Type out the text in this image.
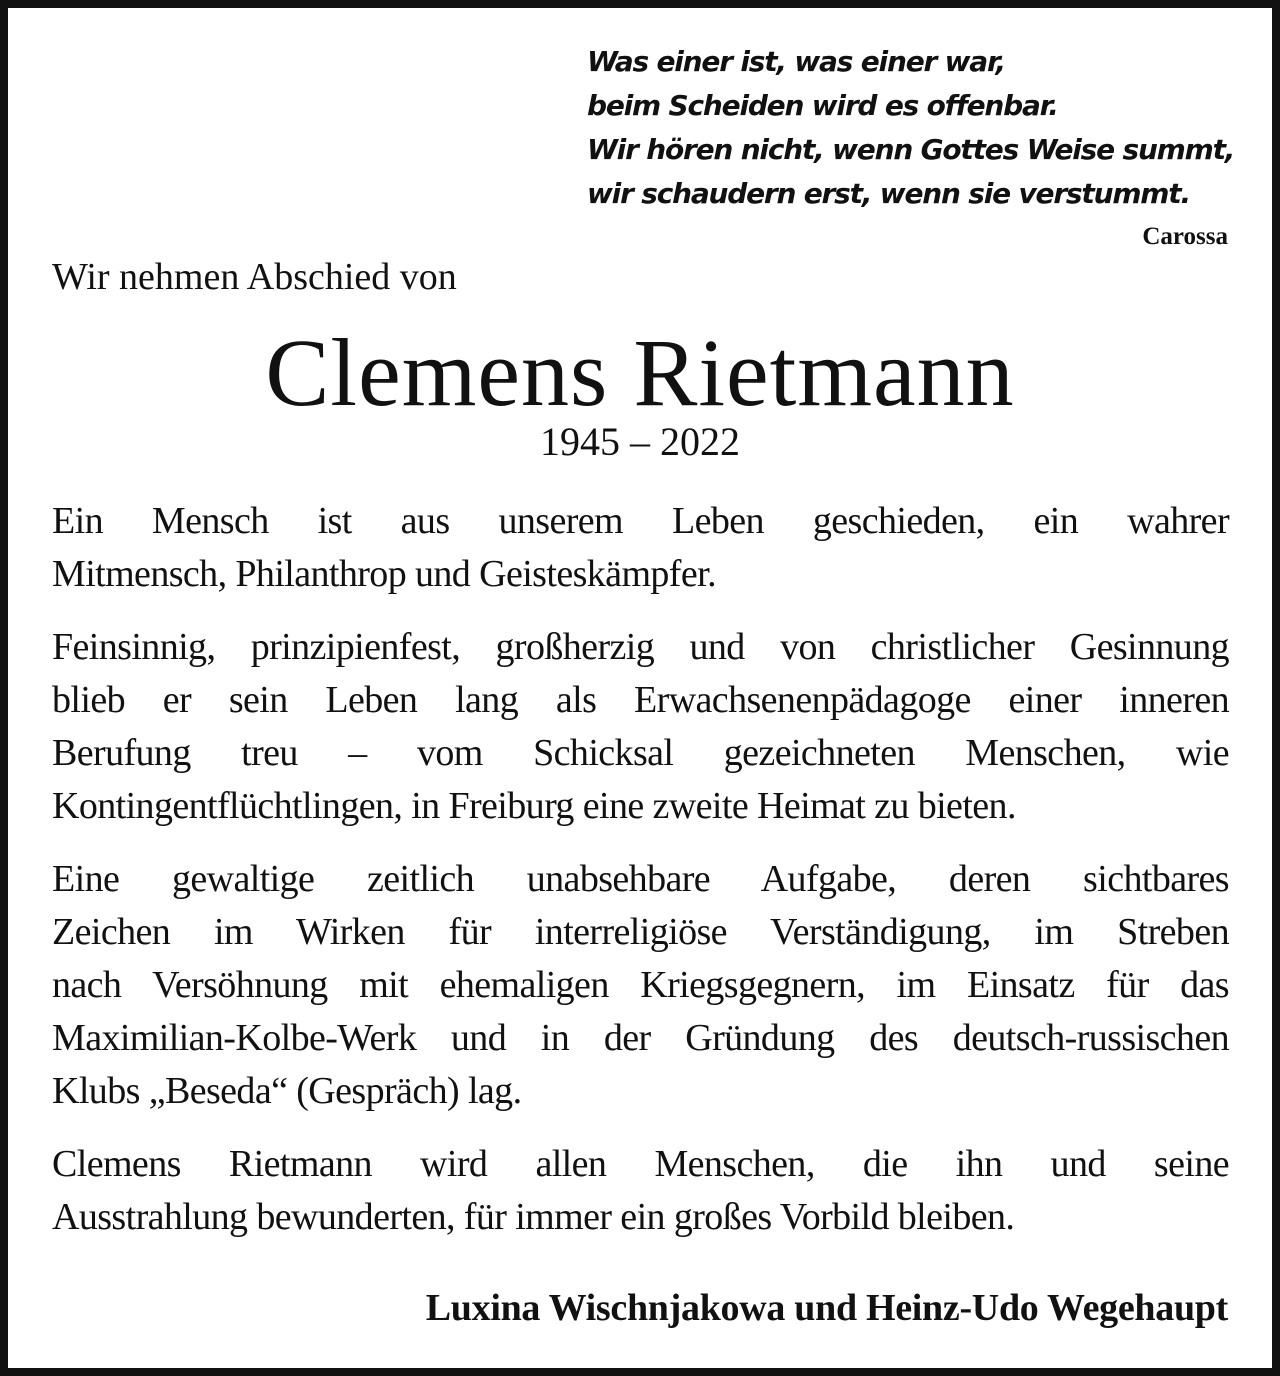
Was einer ist, was einer war,
beim Scheiden wird es offenbar.
Wir hören nicht, wenn Gottes Weise summt,
wir schaudern erst, wenn sie verstummt.
Carossa
Wir nehmen Abschied von
Clemens Rietmann
1945 – 2022
Ein Mensch ist aus unserem Leben geschieden, ein wahrer
Mitmensch, Philanthrop und Geisteskämpfer.
Feinsinnig, prinzipienfest, großherzig und von christlicher Gesinnung
blieb er sein Leben lang als Erwachsenenpädagoge einer inneren
Berufung treu – vom Schicksal gezeichneten Menschen, wie
Kontingentflüchtlingen, in Freiburg eine zweite Heimat zu bieten.
Eine gewaltige zeitlich unabsehbare Aufgabe, deren sichtbares
Zeichen im Wirken für interreligiöse Verständigung, im Streben
nach Versöhnung mit ehemaligen Kriegsgegnern, im Einsatz für das
Maximilian-Kolbe-Werk und in der Gründung des deutsch-russischen
Klubs „Beseda“ (Gespräch) lag.
Clemens Rietmann wird allen Menschen, die ihn und seine
Ausstrahlung bewunderten, für immer ein großes Vorbild bleiben.
Luxina Wischnjakowa und Heinz-Udo Wegehaupt
